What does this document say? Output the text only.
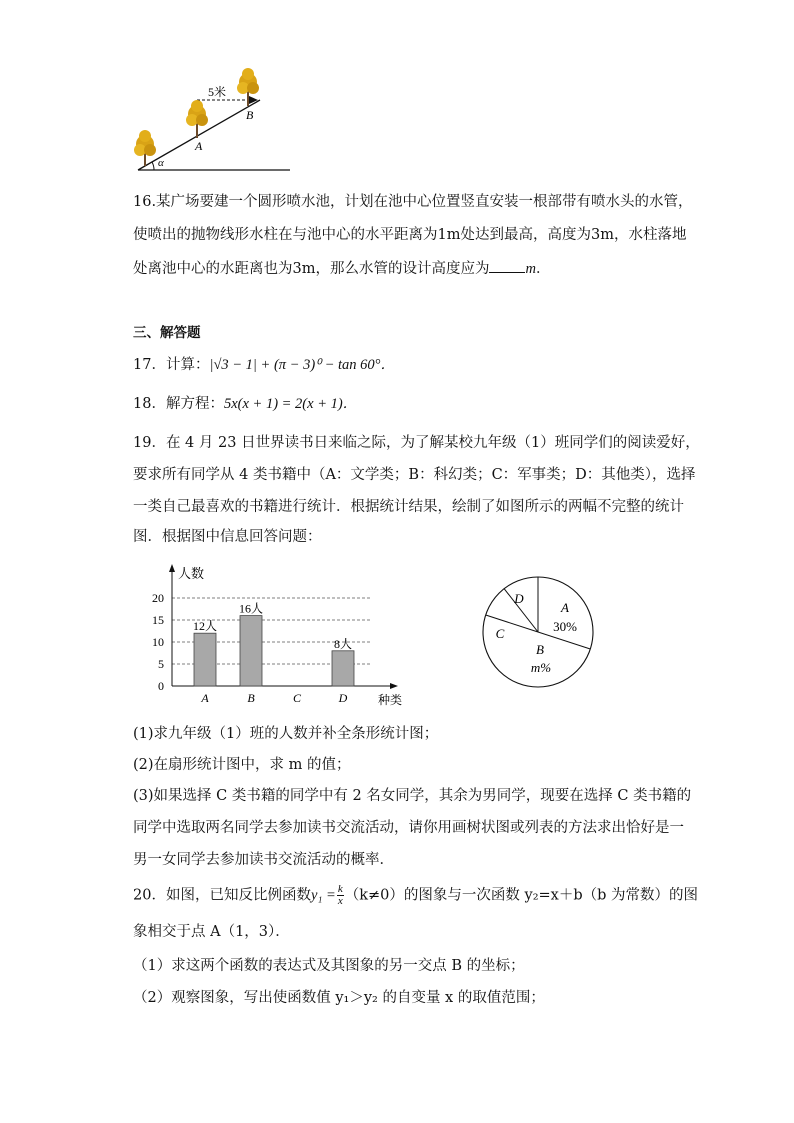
5米
A
B
α
16.某广场要建一个圆形喷水池，计划在池中心位置竖直安装一根部带有喷水头的水管，
使喷出的抛物线形水柱在与池中心的水平距离为1m处达到最高，高度为3m，水柱落地
处离池中心的水距离也为3m，那么水管的设计高度应为 m．
三、解答题
17．计算：|√3 − 1| + (π − 3)⁰ − tan 60°．
18．解方程：5x(x + 1) = 2(x + 1)．
19．在 4 月 23 日世界读书日来临之际，为了解某校九年级（1）班同学们的阅读爱好，
要求所有同学从 4 类书籍中（A：文学类；B：科幻类；C：军事类；D：其他类），选择
一类自己最喜欢的书籍进行统计．根据统计结果，绘制了如图所示的两幅不完整的统计
图．根据图中信息回答问题：
0
5
10
15
20
人数
种类
A
12人
B
16人
C	D
8人
A
30%
B
m%
C
D
(1)求九年级（1）班的人数并补全条形统计图；
(2)在扇形统计图中，求 m 的值；
(3)如果选择 C 类书籍的同学中有 2 名女同学，其余为男同学，现要在选择 C 类书籍的
同学中选取两名同学去参加读书交流活动，请你用画树状图或列表的方法求出恰好是一
男一女同学去参加读书交流活动的概率．
20．如图，已知反比例函数$y_1 = \frac{k}{x} (k\ne 0)$的图象与一次函数 y₂=x＋b（b 为常数）的图
象相交于点 A（1，3）．
（1）求这两个函数的表达式及其图象的另一交点 B 的坐标；
（2）观察图象，写出使函数值 y₁＞y₂ 的自变量 x 的取值范围；
